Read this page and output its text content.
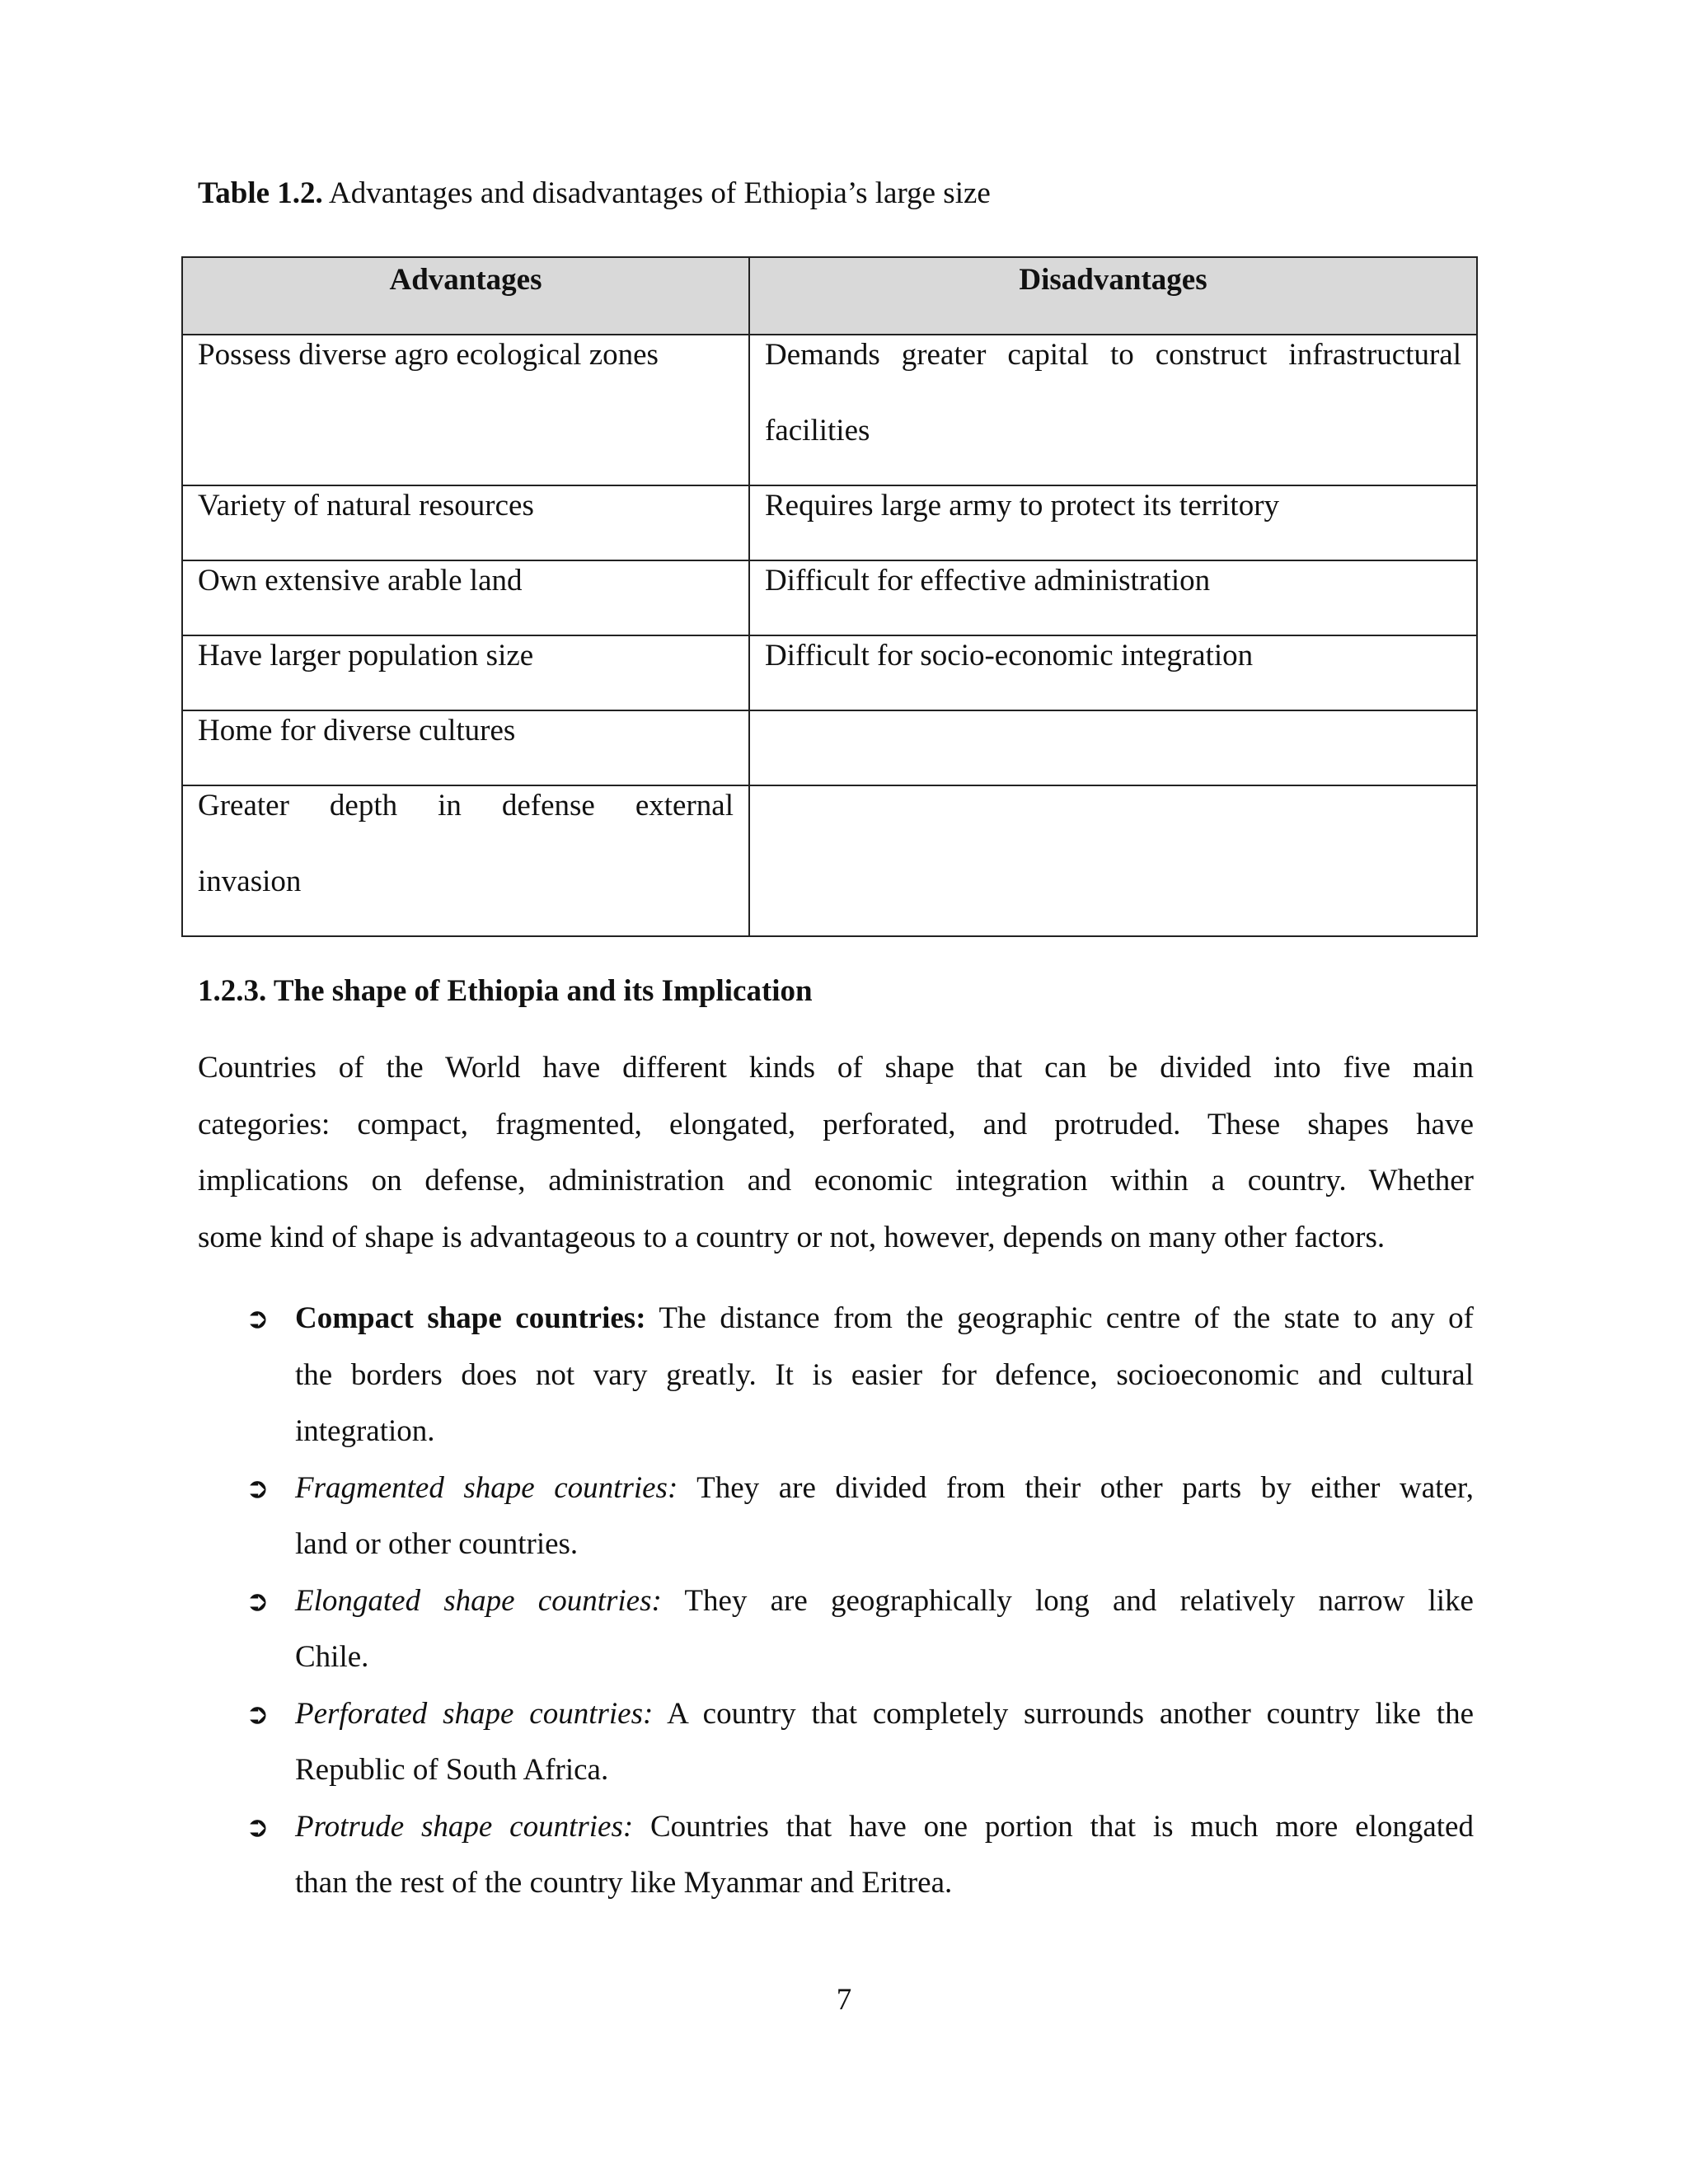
Table 1.2. Advantages and disadvantages of Ethiopia’s large size
Advantages	Disadvantages

Possess diverse agro ecological zones	Demands greater capital to construct infrastructural
facilities

Variety of natural resources	Requires large army to protect its territory

Own extensive arable land	Difficult for effective administration

Have larger population size	Difficult for socio-economic integration

Home for diverse cultures	

Greater depth in defense external
invasion	

1.2.3. The shape of Ethiopia and its Implication
Countries of the World have different kinds of shape that can be divided into five main
categories: compact, fragmented, elongated, perforated, and protruded. These shapes have
implications on defense, administration and economic integration within a country. Whether
some kind of shape is advantageous to a country or not, however, depends on many other factors.
➲ Compact shape countries: The distance from the geographic centre of the state to any of
the borders does not vary greatly. It is easier for defence, socioeconomic and cultural
integration.
➲ Fragmented shape countries: They are divided from their other parts by either water,
land or other countries.
➲ Elongated shape countries: They are geographically long and relatively narrow like
Chile.
➲ Perforated shape countries: A country that completely surrounds another country like the
Republic of South Africa.
➲ Protrude shape countries: Countries that have one portion that is much more elongated
than the rest of the country like Myanmar and Eritrea.
7
